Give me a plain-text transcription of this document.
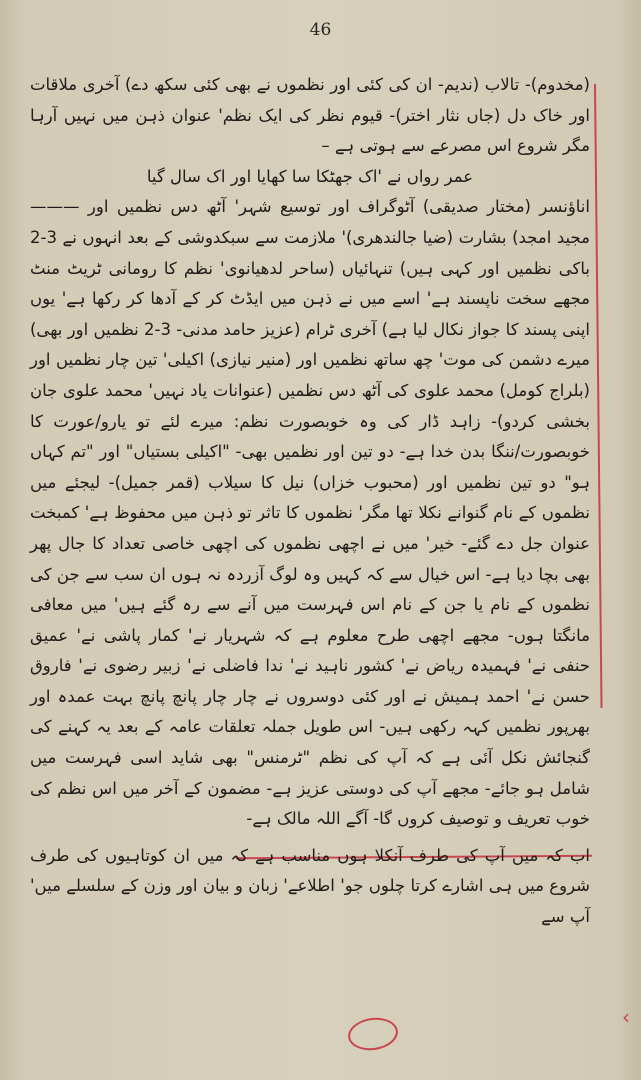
46
‹

(مخدوم)- تالاب (ندیم- ان کی کئی اور نظموں نے بھی کئی سکھ دے) آخری ملاقات اور خاک دل (جاں نثار اختر)- قیوم نظر کی ایک نظم' عنوان ذہن میں نہیں آرہا مگر شروع اس مصرعے سے ہوتی ہے –

عمر رواں نے 'اک جھٹکا سا کھایا اور اک سال گیا

اناؤنسر (مختار صدیقی) آٹوگراف اور توسیع شہر' آٹھ دس نظمیں اور ——— مجید امجد) بشارت (ضیا جالندھری)' ملازمت سے سبکدوشی کے بعد انہوں نے 3-2 باکی نظمیں اور کہی ہیں) تنہائیاں (ساحر لدھیانوی' نظم کا رومانی ٹریٹ منٹ مجھے سخت ناپسند ہے' اسے میں نے ذہن میں ایڈٹ کر کے آدھا کر رکھا ہے' یوں اپنی پسند کا جواز نکال لیا ہے) آخری ٹرام (عزیز حامد مدنی- 3-2 نظمیں اور بھی) میرے دشمن کی موت' چھ ساتھ نظمیں اور (منیر نیازی) اکیلی' تین چار نظمیں اور (بلراج کومل) محمد علوی کی آٹھ دس نظمیں (عنوانات یاد نہیں' محمد علوی جان بخشی کردو)- زاہد ڈار کی وہ خوبصورت نظم: میرے لئے تو یارو/عورت کا خوبصورت/ننگا بدن خدا ہے- دو تین اور نظمیں بھی- "اکیلی بستیاں" اور "تم کہاں ہو" دو تین نظمیں اور (محبوب خزاں) نیل کا سیلاب (قمر جمیل)- لیجئے میں نظموں کے نام گنوانے نکلا تھا مگر' نظموں کا تاثر تو ذہن میں محفوظ ہے' کمبخت عنوان جل دے گئے- خیر' میں نے اچھی نظموں کی اچھی خاصی تعداد کا جال پھر بھی بچا دیا ہے- اس خیال سے کہ کہیں وہ لوگ آزردہ نہ ہوں ان سب سے جن کی نظموں کے نام یا جن کے نام اس فہرست میں آنے سے رہ گئے ہیں' میں معافی مانگتا ہوں- مجھے اچھی طرح معلوم ہے کہ شہریار نے' کمار پاشی نے' عمیق حنفی نے' فہمیدہ ریاض نے' کشور ناہید نے' ندا فاضلی نے' زبیر رضوی نے' فاروق حسن نے' احمد ہمیش نے اور کئی دوسروں نے چار چار پانچ پانچ بہت عمدہ اور بھرپور نظمیں کہہ رکھی ہیں- اس طویل جملہ تعلقات عامہ کے بعد یہ کہنے کی گنجائش نکل آئی ہے کہ آپ کی نظم "ٹرمنس" بھی شاید اسی فہرست میں شامل ہو جائے- مجھے آپ کی دوستی عزیز ہے- مضمون کے آخر میں اس نظم کی خوب تعریف و توصیف کروں گا- آگے اللہ مالک ہے-

اب کہ میں آپ کی طرف آنکلا ہوں مناسب ہے کہ میں ان کوتاہیوں کی طرف شروع میں ہی اشارے کرتا چلوں جو' اطلاعے' زبان و بیان اور وزن کے سلسلے میں' آپ سے
